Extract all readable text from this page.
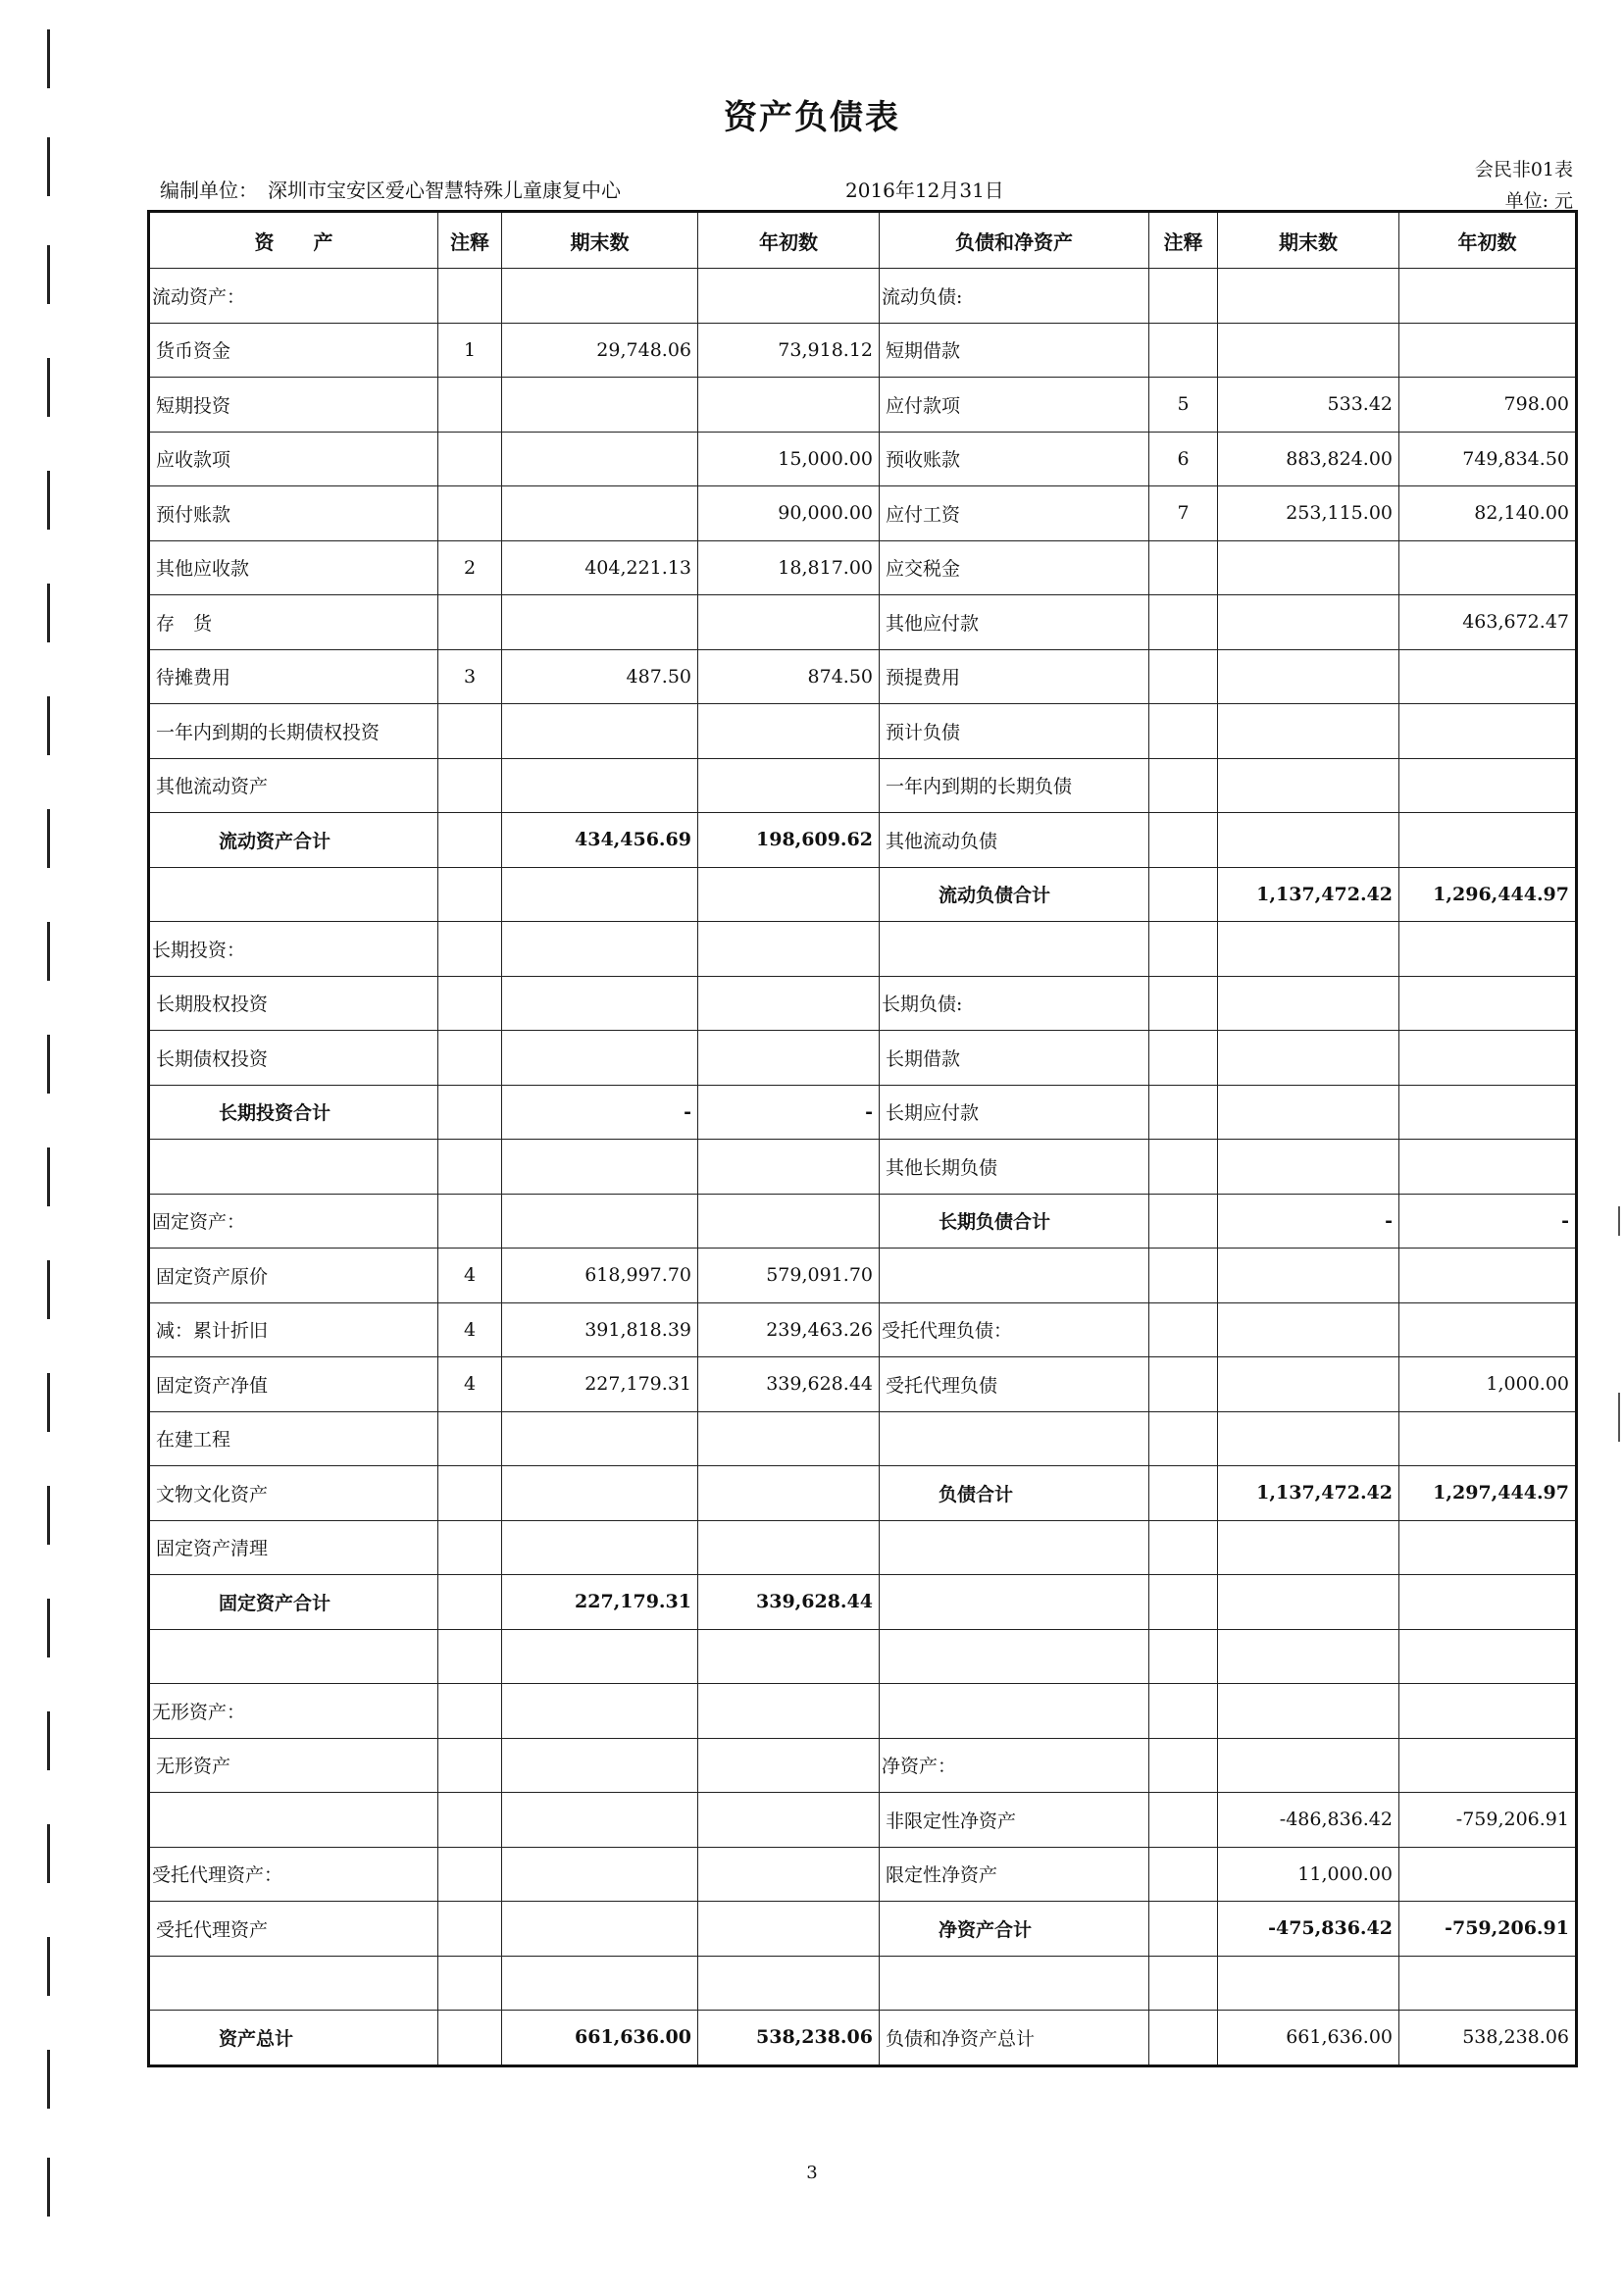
资产负债表
会民非01表
单位: 元
编制单位： 深圳市宝安区爱心智慧特殊儿童康复中心	2016年12月31日
资　　产	注释	期末数	年初数	负债和净资产	注释	期末数	年初数
流动资产：				流动负债:			
货币资金	1	29,748.06	73,918.12	短期借款			
短期投资				应付款项	5	533.42	798.00
应收款项			15,000.00	预收账款	6	883,824.00	749,834.50
预付账款			90,000.00	应付工资	7	253,115.00	82,140.00
其他应收款	2	404,221.13	18,817.00	应交税金			
存　货				其他应付款			463,672.47
待摊费用	3	487.50	874.50	预提费用			
一年内到期的长期债权投资				预计负债			
其他流动资产				一年内到期的长期负债			
流动资产合计		434,456.69	198,609.62	其他流动负债			
				流动负债合计		1,137,472.42	1,296,444.97
长期投资：							
长期股权投资				长期负债:			
长期债权投资				长期借款			
长期投资合计		-	-	长期应付款			
				其他长期负债			
固定资产：				长期负债合计		-	-
固定资产原价	4	618,997.70	579,091.70				
减：累计折旧	4	391,818.39	239,463.26	受托代理负债：			
固定资产净值	4	227,179.31	339,628.44	受托代理负债			1,000.00
在建工程							
文物文化资产				负债合计		1,137,472.42	1,297,444.97
固定资产清理							
固定资产合计		227,179.31	339,628.44				

无形资产：							
无形资产				净资产：			
				非限定性净资产		-486,836.42	-759,206.91
受托代理资产：				限定性净资产		11,000.00	
受托代理资产				净资产合计		-475,836.42	-759,206.91

资产总计		661,636.00	538,238.06	负债和净资产总计		661,636.00	538,238.06
3
